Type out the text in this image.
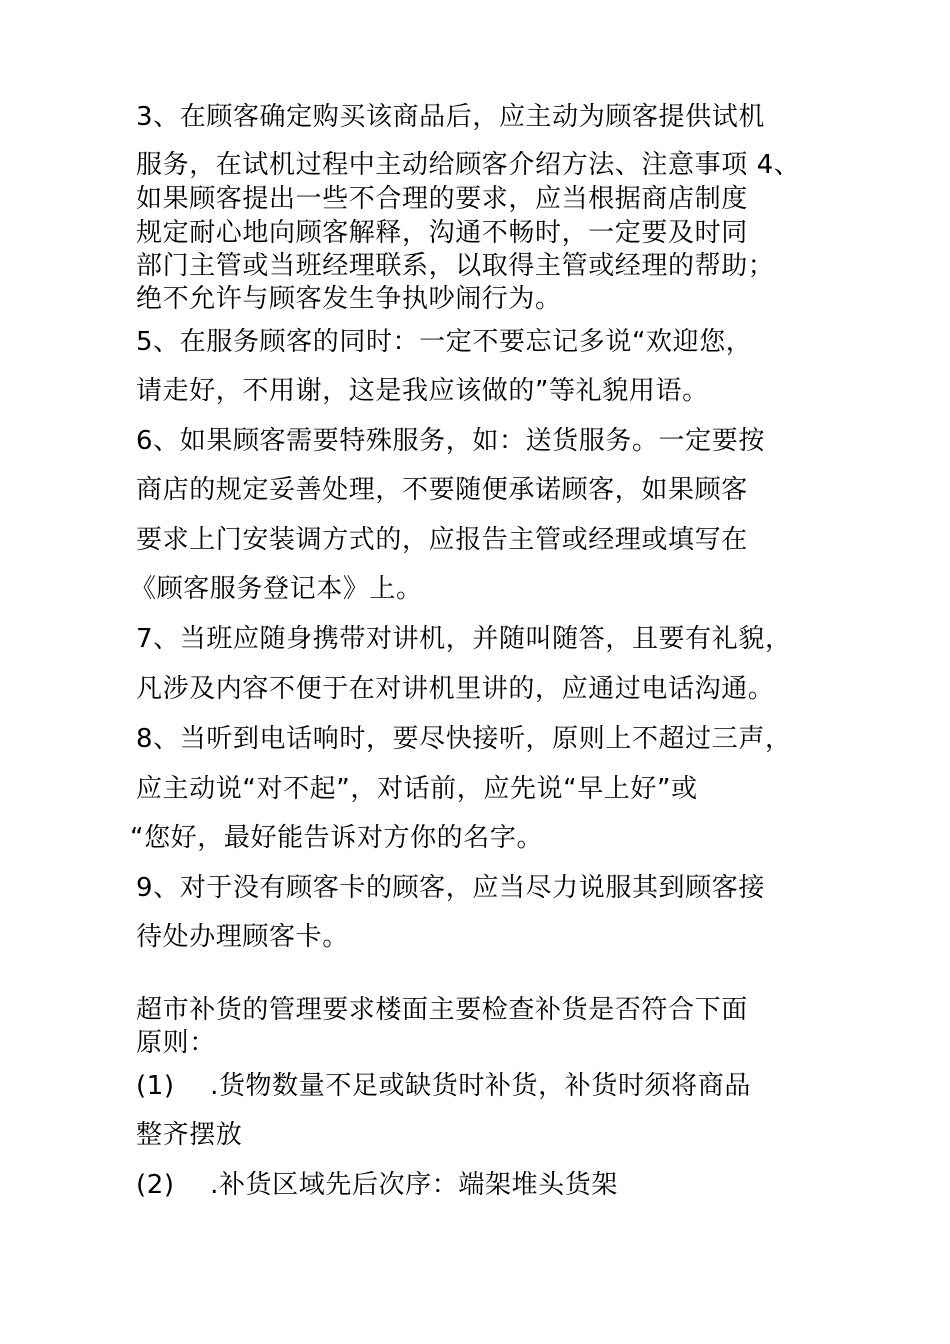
3、在顾客确定购买该商品后，应主动为顾客提供试机
服务，在试机过程中主动给顾客介绍方法、注意事项 4、
如果顾客提出一些不合理的要求，应当根据商店制度
规定耐心地向顾客解释，沟通不畅时，一定要及时同
部门主管或当班经理联系，以取得主管或经理的帮助；
绝不允许与顾客发生争执吵闹行为。
5、在服务顾客的同时：一定不要忘记多说“欢迎您，
请走好，不用谢，这是我应该做的”等礼貌用语。
6、如果顾客需要特殊服务，如：送货服务。一定要按
商店的规定妥善处理，不要随便承诺顾客，如果顾客
要求上门安装调方式的，应报告主管或经理或填写在
《顾客服务登记本》上。
7、当班应随身携带对讲机，并随叫随答，且要有礼貌，
凡涉及内容不便于在对讲机里讲的，应通过电话沟通。
8、当听到电话响时，要尽快接听，原则上不超过三声，
应主动说“对不起”，对话前，应先说“早上好”或
“您好，最好能告诉对方你的名字。
9、对于没有顾客卡的顾客，应当尽力说服其到顾客接
待处办理顾客卡。
超市补货的管理要求楼面主要检查补货是否符合下面
原则：
(1)　 .货物数量不足或缺货时补货，补货时须将商品
整齐摆放
(2)　 .补货区域先后次序：端架堆头货架
